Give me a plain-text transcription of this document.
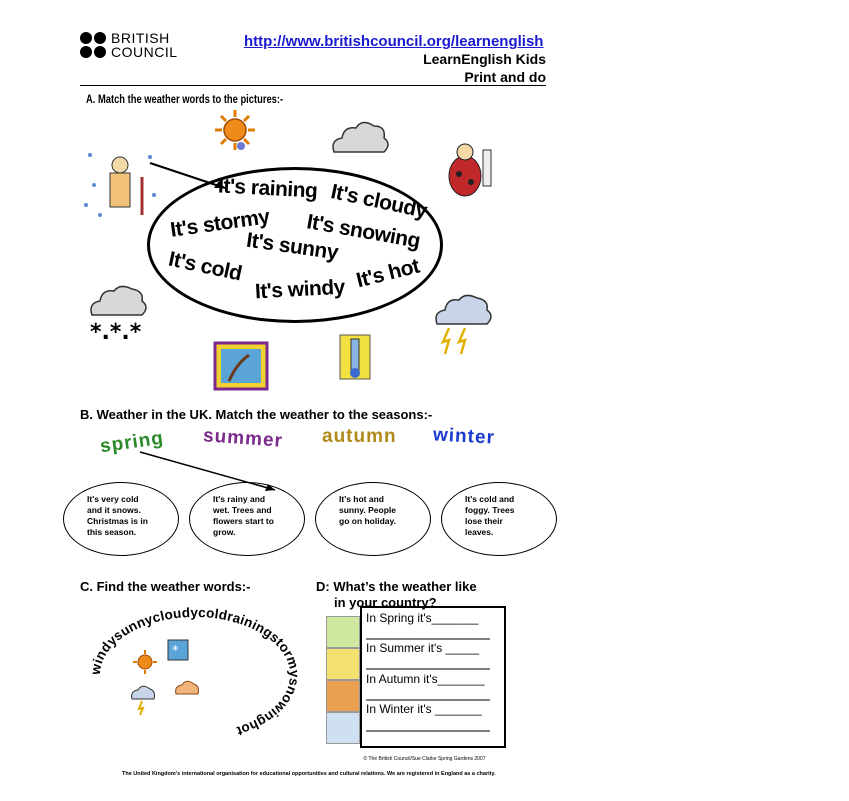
BRITISH
COUNCIL
http://www.britishcouncil.org/learnenglish
LearnEnglish Kids
Print and do
A. Match the weather words to the pictures:-
*.*.*
It's raining It's cloudy
It's stormy It's snowing
It's sunny
It's cold
It's windy It's hot
B. Weather in the UK. Match the weather to the seasons:-
spring summer autumn winter
It's very cold
and it snows.
Christmas is in
this season.
It's rainy and
wet. Trees and
flowers start to
grow.
It's hot and
sunny. People
go on holiday.
It's cold and
foggy. Trees
lose their
leaves.
C. Find the weather words:-
windysunnycloudycoldrainingstormysnowinghot
*
D: What’s the weather like
in your country?
In Spring it's_______
In Summer it's _____
In Autumn it's_______
In Winter it's _______
© The British Council/Sue Clarke Spring Gardens 2007
The United Kingdom's international organisation for educational opportunities and cultural relations. We are registered in England as a charity.
